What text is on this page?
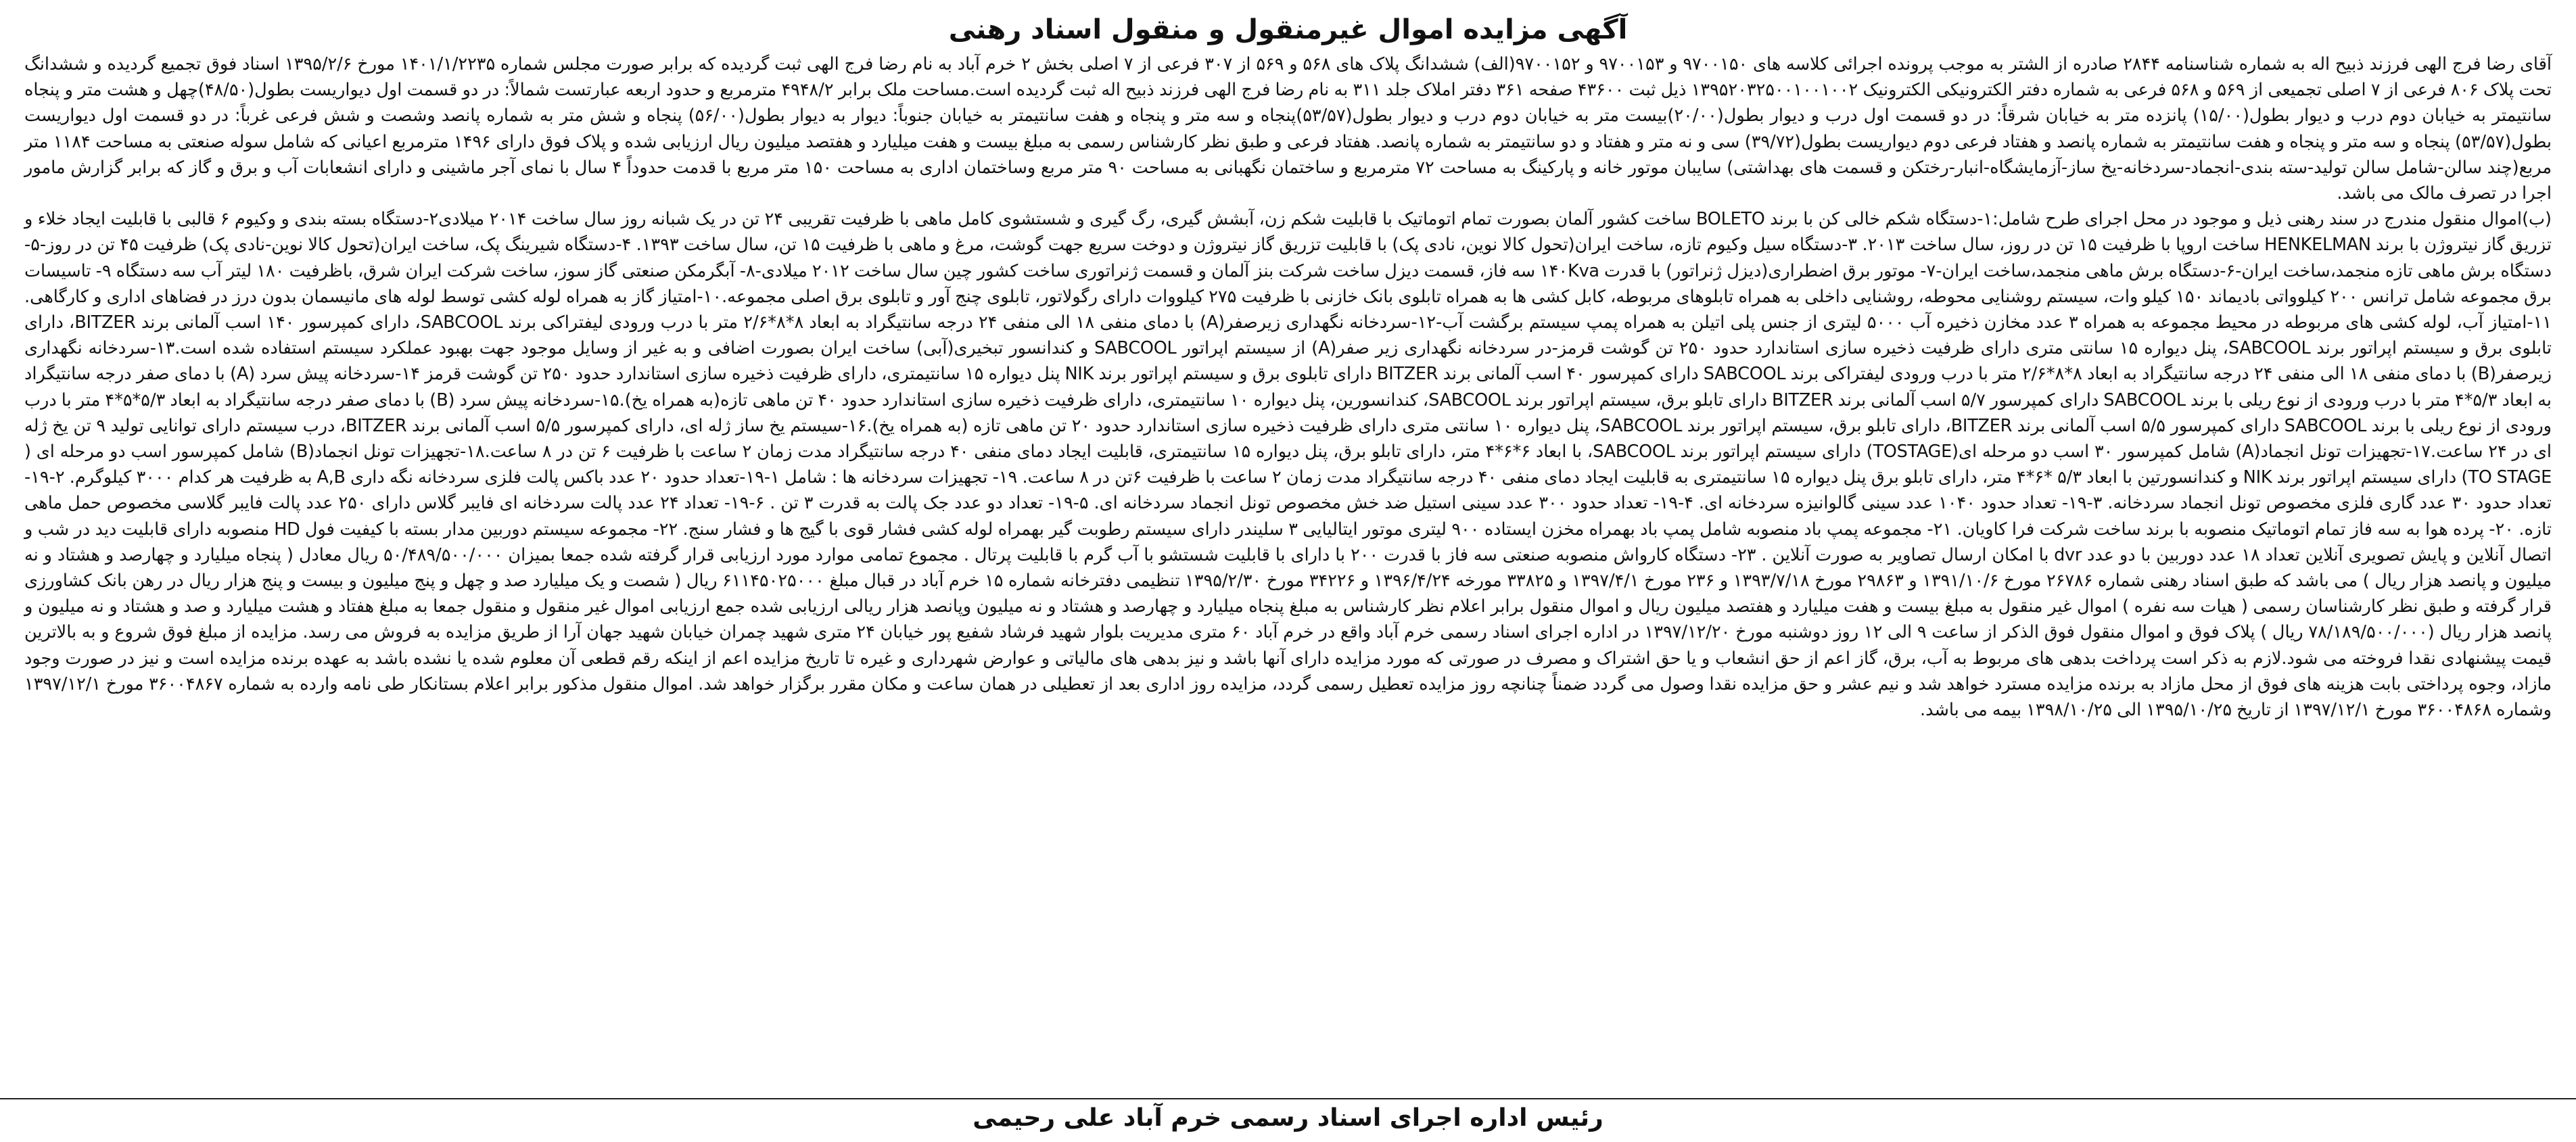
آگهی مزایده اموال غیرمنقول و منقول اسناد رهنی

آقای رضا فرج الهی فرزند ذبیح اله به شماره شناسنامه ۲۸۴۴ صادره از الشتر به موجب پرونده اجرائی کلاسه های ۹۷۰۰۱۵۰ و ۹۷۰۰۱۵۳ و ۹۷۰۰۱۵۲(الف) ششدانگ پلاک های ۵۶۸ و ۵۶۹ از ۳۰۷ فرعی از ۷ اصلی بخش ۲ خرم آباد به نام رضا فرج الهی ثبت گردیده که برابر صورت مجلس شماره ۱۴۰۱/۱/۲۲۳۵ مورخ ۱۳۹۵/۲/۶ اسناد فوق تجمیع گردیده و ششدانگ تحت پلاک ۸۰۶ فرعی از ۷ اصلی تجمیعی از ۵۶۹ و ۵۶۸ فرعی به شماره دفتر الکترونیکی الکترونیک ۱۳۹۵۲۰۳۲۵۰۰۱۰۰۱۰۰۲ ذیل ثبت ۴۳۶۰۰ صفحه ۳۶۱ دفتر املاک جلد ۳۱۱ به نام رضا فرج الهی فرزند ذبیح اله ثبت گردیده است.مساحت ملک برابر ۴۹۴۸/۲ مترمربع و حدود اربعه عبارتست شمالاً: در دو قسمت اول دیواریست بطول(۴۸/۵۰)چهل و هشت متر و پنجاه سانتیمتر به خیابان دوم درب و دیوار بطول(۱۵/۰۰) پانزده متر به خیابان شرقاً: در دو قسمت اول درب و دیوار بطول(۲۰/۰۰)بیست متر به خیابان دوم درب و دیوار بطول(۵۳/۵۷)پنجاه و سه متر و پنجاه و هفت سانتیمتر به خیابان جنوباً: دیوار به دیوار بطول(۵۶/۰۰) پنجاه و شش متر به شماره پانصد وشصت و شش فرعی غرباً: در دو قسمت اول دیواریست بطول(۵۳/۵۷) پنجاه و سه متر و پنجاه و هفت سانتیمتر به شماره پانصد و هفتاد فرعی دوم دیواریست بطول(۳۹/۷۲) سی و نه متر و هفتاد و دو سانتیمتر به شماره پانصد. هفتاد فرعی و طبق نظر کارشناس رسمی به مبلغ بیست و هفت میلیارد و هفتصد میلیون ریال ارزیابی شده و پلاک فوق دارای ۱۴۹۶ مترمربع اعیانی که شامل سوله صنعتی به مساحت ۱۱۸۴ متر مربع(چند سالن-شامل سالن تولید-سته بندی-انجماد-سردخانه-یخ ساز-آزمایشگاه-انبار-رختکن و قسمت های بهداشتی) سایبان موتور خانه و پارکینگ به مساحت ۷۲ مترمربع و ساختمان نگهبانی به مساحت ۹۰ متر مربع وساختمان اداری به مساحت ۱۵۰ متر مربع با قدمت حدوداً ۴ سال با نمای آجر ماشینی و دارای انشعابات آب و برق و گاز که برابر گزارش مامور اجرا در تصرف مالک می باشد.

(ب)اموال منقول مندرج در سند رهنی ذیل و موجود در محل اجرای طرح شامل:۱-دستگاه شکم خالی کن با برند BOLETO ساخت کشور آلمان بصورت تمام اتوماتیک با قابلیت شکم زن، آبشش گیری، رگ گیری و شستشوی کامل ماهی با ظرفیت تقریبی ۲۴ تن در یک شبانه روز سال ساخت ۲۰۱۴ میلادی۲-دستگاه بسته بندی و وکیوم ۶ قالبی با قابلیت ایجاد خلاء و تزریق گاز نیتروژن با برند HENKELMAN ساخت اروپا با ظرفیت ۱۵ تن در روز، سال ساخت ۲۰۱۳. ۳-دستگاه سیل وکیوم تازه، ساخت ایران(تحول کالا نوین، نادی پک) با قابلیت تزریق گاز نیتروژن و دوخت سریع جهت گوشت، مرغ و ماهی با ظرفیت ۱۵ تن، سال ساخت ۱۳۹۳. ۴-دستگاه شیرینگ پک، ساخت ایران(تحول کالا نوین-نادی پک) ظرفیت ۴۵ تن در روز-۵-دستگاه برش ماهی تازه منجمد،ساخت ایران-۶-دستگاه برش ماهی منجمد،ساخت ایران-۷- موتور برق اضطراری(دیزل ژنراتور) با قدرت ۱۴۰Kva سه فاز، قسمت دیزل ساخت شرکت بنز آلمان و قسمت ژنراتوری ساخت کشور چین سال ساخت ۲۰۱۲ میلادی-۸- آبگرمکن صنعتی گاز سوز، ساخت شرکت ایران شرق، باظرفیت ۱۸۰ لیتر آب سه دستگاه ۹- تاسیسات برق مجموعه شامل ترانس ۲۰۰ کیلوواتی بادیماند ۱۵۰ کیلو وات، سیستم روشنایی محوطه، روشنایی داخلی به همراه تابلوهای مربوطه، کابل کشی ها به همراه تابلوی بانک خازنی با ظرفیت ۲۷۵ کیلووات دارای رگولاتور، تابلوی چنج آور و تابلوی برق اصلی مجموعه.۱۰-امتیاز گاز به همراه لوله کشی توسط لوله های مانیسمان بدون درز در فضاهای اداری و کارگاهی. ۱۱-امتیاز آب، لوله کشی های مربوطه در محیط مجموعه به همراه ۳ عدد مخازن ذخیره آب ۵۰۰۰ لیتری از جنس پلی اتیلن به همراه پمپ سیستم برگشت آب-۱۲-سردخانه نگهداری زیرصفر(A) با دمای منفی ۱۸ الی منفی ۲۴ درجه سانتیگراد به ابعاد ۸*۸*۲/۶ متر با درب ورودی لیفتراکی برند SABCOOL، دارای کمپرسور ۱۴۰ اسب آلمانی برند BITZER، دارای تابلوی برق و سیستم اپراتور برند SABCOOL، پنل دیواره ۱۵ سانتی متری دارای ظرفیت ذخیره سازی استاندارد حدود ۲۵۰ تن گوشت قرمز-در سردخانه نگهداری زیر صفر(A) از سیستم اپراتور SABCOOL و کندانسور تبخیری(آبی) ساخت ایران بصورت اضافی و به غیر از وسایل موجود جهت بهبود عملکرد سیستم استفاده شده است.۱۳-سردخانه نگهداری زیرصفر(B) با دمای منفی ۱۸ الی منفی ۲۴ درجه سانتیگراد به ابعاد ۸*۸*۲/۶ متر با درب ورودی لیفتراکی برند SABCOOL دارای کمپرسور ۴۰ اسب آلمانی برند BITZER دارای تابلوی برق و سیستم اپراتور برند NIK پنل دیواره ۱۵ سانتیمتری، دارای ظرفیت ذخیره سازی استاندارد حدود ۲۵۰ تن گوشت قرمز ۱۴-سردخانه پیش سرد (A) با دمای صفر درجه سانتیگراد به ابعاد ۵/۳*۴ متر با درب ورودی از نوع ریلی با برند SABCOOL دارای کمپرسور ۵/۷ اسب آلمانی برند BITZER دارای تابلو برق، سیستم اپراتور برند SABCOOL، کندانسورین، پنل دیواره ۱۰ سانتیمتری، دارای ظرفیت ذخیره سازی استاندارد حدود ۴۰ تن ماهی تازه(به همراه یخ).۱۵-سردخانه پیش سرد (B) با دمای صفر درجه سانتیگراد به ابعاد ۵/۳*۵*۴ متر با درب ورودی از نوع ریلی با برند SABCOOL دارای کمپرسور ۵/۵ اسب آلمانی برند BITZER، دارای تابلو برق، سیستم اپراتور برند SABCOOL، پنل دیواره ۱۰ سانتی متری دارای ظرفیت ذخیره سازی استاندارد حدود ۲۰ تن ماهی تازه (به همراه یخ).۱۶-سیستم یخ ساز ژله ای، دارای کمپرسور ۵/۵ اسب آلمانی برند BITZER، درب سیستم دارای توانایی تولید ۹ تن یخ ژله ای در ۲۴ ساعت.۱۷-تجهیزات تونل انجماد(A) شامل کمپرسور ۳۰ اسب دو مرحله ای(TOSTAGE) دارای سیستم اپراتور برند SABCOOL، با ابعاد ۶*۶*۴ متر، دارای تابلو برق، پنل دیواره ۱۵ سانتیمتری، قابلیت ایجاد دمای منفی ۴۰ درجه سانتیگراد مدت زمان ۲ ساعت با ظرفیت ۶ تن در ۸ ساعت.۱۸-تجهیزات تونل انجماد(B) شامل کمپرسور اسب دو مرحله ای ( TO STAGE) دارای سیستم اپراتور برند NIK و کندانسورتین با ابعاد ۵/۳ *۶*۴ متر، دارای تابلو برق پنل دیواره ۱۵ سانتیمتری به قابلیت ایجاد دمای منفی ۴۰ درجه سانتیگراد مدت زمان ۲ ساعت با ظرفیت ۶تن در ۸ ساعت. ۱۹- تجهیزات سردخانه ها : شامل ۱-۱۹-تعداد حدود ۲۰ عدد باکس پالت فلزی سردخانه نگه داری A,B به ظرفیت هر کدام ۳۰۰۰ کیلوگرم. ۲-۱۹- تعداد حدود ۳۰ عدد گاری فلزی مخصوص تونل انجماد سردخانه. ۳-۱۹- تعداد حدود ۱۰۴۰ عدد سینی گالوانیزه سردخانه ای. ۴-۱۹- تعداد حدود ۳۰۰ عدد سینی استیل ضد خش مخصوص تونل انجماد سردخانه ای. ۵-۱۹- تعداد دو عدد جک پالت به قدرت ۳ تن . ۶-۱۹- تعداد ۲۴ عدد پالت سردخانه ای فایبر گلاس دارای ۲۵۰ عدد پالت فایبر گلاسی مخصوص حمل ماهی تازه. ۲۰- پرده هوا به سه فاز تمام اتوماتیک منصوبه با برند ساخت شرکت فرا کاویان. ۲۱- مجموعه پمپ باد منصوبه شامل پمپ باد بهمراه مخزن ایستاده ۹۰۰ لیتری موتور ایتالیایی ۳ سلیندر دارای سیستم رطوبت گیر بهمراه لوله کشی فشار قوی با گیج ها و فشار سنج. ۲۲- مجموعه سیستم دوربین مدار بسته با کیفیت فول HD منصوبه دارای قابلیت دید در شب و اتصال آنلاین و پایش تصویری آنلاین تعداد ۱۸ عدد دوربین با دو عدد dvr با امکان ارسال تصاویر به صورت آنلاین . ۲۳- دستگاه کارواش منصوبه صنعتی سه فاز با قدرت ۲۰۰ با دارای با قابلیت شستشو با آب گرم با قابلیت پرتال . مجموع تمامی موارد مورد ارزیابی قرار گرفته شده جمعا بمیزان ۵۰/۴۸۹/۵۰۰/۰۰۰ ریال معادل ( پنجاه میلیارد و چهارصد و هشتاد و نه میلیون و پانصد هزار ریال ) می باشد که طبق اسناد رهنی شماره ۲۶۷۸۶ مورخ ۱۳۹۱/۱۰/۶ و ۲۹۸۶۳ مورخ ۱۳۹۳/۷/۱۸ و ۲۳۶ مورخ ۱۳۹۷/۴/۱ و ۳۳۸۲۵ مورخه ۱۳۹۶/۴/۲۴ و ۳۴۲۲۶ مورخ ۱۳۹۵/۲/۳۰ تنظیمی دفترخانه شماره ۱۵ خرم آباد در قبال مبلغ ۶۱۱۴۵۰۲۵۰۰۰ ریال ( شصت و یک میلیارد صد و چهل و پنج میلیون و بیست و پنج هزار ریال در رهن بانک کشاورزی قرار گرفته و طبق نظر کارشناسان رسمی ( هیات سه نفره ) اموال غیر منقول به مبلغ بیست و هفت میلیارد و هفتصد میلیون ریال و اموال منقول برابر اعلام نظر کارشناس به مبلغ پنجاه میلیارد و چهارصد و هشتاد و نه میلیون وپانصد هزار ریالی ارزیابی شده جمع ارزیابی اموال غیر منقول و منقول جمعا به مبلغ هفتاد و هشت میلیارد و صد و هشتاد و نه میلیون و پانصد هزار ریال (۷۸/۱۸۹/۵۰۰/۰۰۰ ریال ) پلاک فوق و اموال منقول فوق الذکر از ساعت ۹ الی ۱۲ روز دوشنبه مورخ ۱۳۹۷/۱۲/۲۰ در اداره اجرای اسناد رسمی خرم آباد واقع در خرم آباد ۶۰ متری مدیریت بلوار شهید فرشاد شفیع پور خیابان ۲۴ متری شهید چمران خیابان شهید جهان آرا از طریق مزایده به فروش می رسد. مزایده از مبلغ فوق شروع و به بالاترین قیمت پیشنهادی نقدا فروخته می شود.لازم به ذکر است پرداخت بدهی های مربوط به آب، برق، گاز اعم از حق انشعاب و یا حق اشتراک و مصرف در صورتی که مورد مزایده دارای آنها باشد و نیز بدهی های مالیاتی و عوارض شهرداری و غیره تا تاریخ مزایده اعم از اینکه رقم قطعی آن معلوم شده یا نشده باشد به عهده برنده مزایده است و نیز در صورت وجود مازاد، وجوه پرداختی بابت هزینه های فوق از محل مازاد به برنده مزایده مسترد خواهد شد و نیم عشر و حق مزایده نقدا وصول می گردد ضمناً چنانچه روز مزایده تعطیل رسمی گردد، مزایده روز اداری بعد از تعطیلی در همان ساعت و مکان مقرر برگزار خواهد شد. اموال منقول مذکور برابر اعلام بستانکار طی نامه وارده به شماره ۳۶۰۰۴۸۶۷ مورخ ۱۳۹۷/۱۲/۱ وشماره ۳۶۰۰۴۸۶۸ مورخ ۱۳۹۷/۱۲/۱ از تاریخ ۱۳۹۵/۱۰/۲۵ الی ۱۳۹۸/۱۰/۲۵ بیمه می باشد.

رئیس اداره اجرای اسناد رسمی خرم آباد علی رحیمی
